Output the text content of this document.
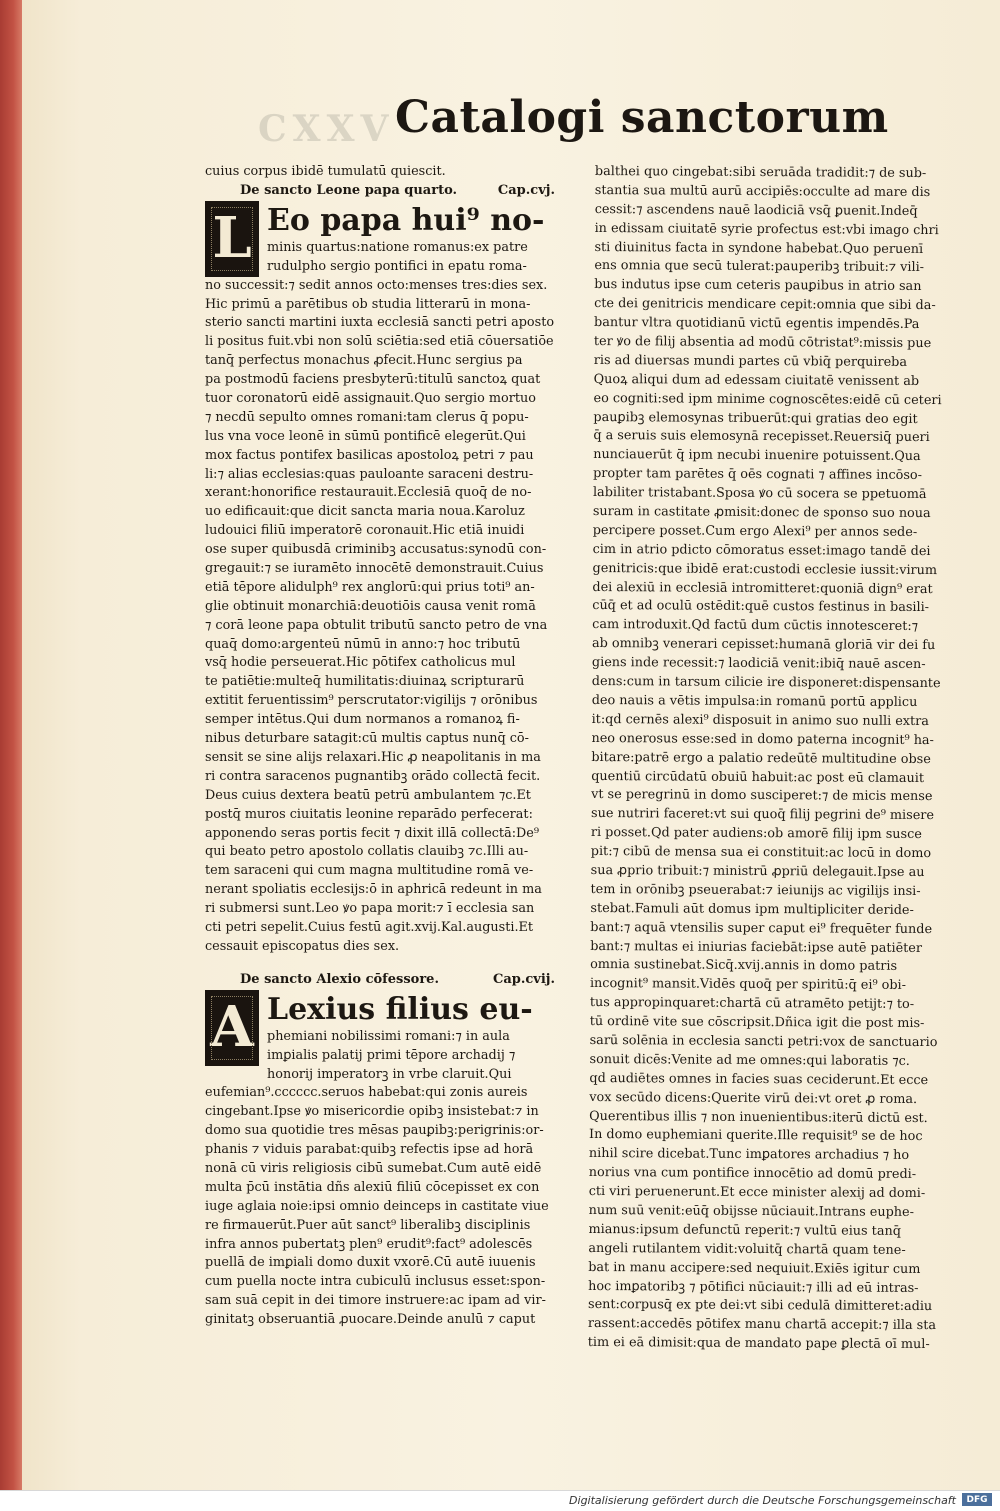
CXXV Catalogi sanctorum
cuius corpus ibidē tumulatū quiescit.
De sancto Leone papa quarto.	Cap.cvj.
L Eo papa hui⁹ no-
minis quartus:natione romanus:ex patre
rudulpho sergio pontifici in epatu roma-
no successit:⁊ sedit annos octo:menses tres:dies sex.
Hic primū a parētibus ob studia litterarū in mona-
sterio sancti martini iuxta ecclesiā sancti petri aposto
li positus fuit.vbi non solū sciētia:sed etiā cōuersatiōe
tanq̄ perfectus monachus ꝓfecit.Hunc sergius pa
pa postmodū faciens presbyterū:titulū sanctoꝝ quat
tuor coronatorū eidē assignauit.Quo sergio mortuo
⁊ necdū sepulto omnes romani:tam clerus q̄ popu-
lus vna voce leonē in sūmū pontificē elegerūt.Qui
mox factus pontifex basilicas apostoloꝝ petri ⁊ pau
li:⁊ alias ecclesias:quas pauloante saraceni destru-
xerant:honorifice restaurauit.Ecclesiā quoq̄ de no-
uo edificauit:que dicit sancta maria noua.Karoluz
ludouici filiū imperatorē coronauit.Hic etiā inuidi
ose super quibusdā criminibꝫ accusatus:synodū con-
gregauit:⁊ se iuramēto innocētē demonstrauit.Cuius
etiā tēpore alidulph⁹ rex anglorū:qui prius toti⁹ an-
glie obtinuit monarchiā:deuotiōis causa venit romā
⁊ corā leone papa obtulit tributū sancto petro de vna
quaq̄ domo:argenteū nūmū in anno:⁊ hoc tributū
vsq̄ hodie perseuerat.Hic pōtifex catholicus mul
te patiētie:multeq̄ humilitatis:diuinaꝝ scripturarū
extitit feruentissim⁹ perscrutator:vigilijs ⁊ orōnibus
semper intētus.Qui dum normanos a romanoꝝ fi-
nibus deturbare satagit:cū multis captus nunq̄ cō-
sensit se sine alijs relaxari.Hic ꝓ neapolitanis in ma
ri contra saracenos pugnantibꝫ orādo collectā fecit.
Deus cuius dextera beatū petrū ambulantem ⁊c.Et
postq̄ muros ciuitatis leonine reparādo perfecerat:
apponendo seras portis fecit ⁊ dixit illā collectā:De⁹
qui beato petro apostolo collatis clauibꝫ ⁊c.Illi au-
tem saraceni qui cum magna multitudine romā ve-
nerant spoliatis ecclesijs:ō in aphricā redeunt in ma
ri submersi sunt.Leo ꝟo papa morit:⁊ ī ecclesia san
cti petri sepelit.Cuius festū agit.xvij.Kal.augusti.Et
cessauit episcopatus dies sex.
De sancto Alexio cōfessore.	Cap.cvij.
A Lexius filius eu-
phemiani nobilissimi romani:⁊ in aula
imꝑialis palatij primi tēpore archadij ⁊
honorij imperatorꝫ in vrbe claruit.Qui
eufemian⁹.cccccc.seruos habebat:qui zonis aureis
cingebant.Ipse ꝟo misericordie opibꝫ insistebat:⁊ in
domo sua quotidie tres mēsas pauꝑibꝫ:perigrinis:or-
phanis ⁊ viduis parabat:quibꝫ refectis ipse ad horā
nonā cū viris religiosis cibū sumebat.Cum autē eidē
multa p̄cū instātia dñs alexiū filiū cōcepisset ex con
iuge aglaia noie:ipsi omnio deinceps in castitate viue
re firmauerūt.Puer aūt sanct⁹ liberalibꝫ disciplinis
infra annos pubertatꝫ plen⁹ erudit⁹:fact⁹ adolescēs
puellā de imꝑiali domo duxit vxorē.Cū autē iuuenis
cum puella nocte intra cubiculū inclusus esset:spon-
sam suā cepit in dei timore instruere:ac ipam ad vir-
ginitatꝫ obseruantiā ꝓuocare.Deinde anulū ⁊ caput
balthei quo cingebat:sibi seruāda tradidit:⁊ de sub-
stantia sua multū aurū accipiēs:occulte ad mare dis
cessit:⁊ ascendens nauē laodiciā vsq̄ ꝑuenit.Indeq̄
in edissam ciuitatē syrie profectus est:vbi imago chri
sti diuinitus facta in syndone habebat.Quo peruenī
ens omnia que secū tulerat:pauperibꝫ tribuit:⁊ vili-
bus indutus ipse cum ceteris pauꝑibus in atrio san
cte dei genitricis mendicare cepit:omnia que sibi da-
bantur vltra quotidianū victū egentis impendēs.Pa
ter ꝟo de filij absentia ad modū cōtristat⁹:missis pue
ris ad diuersas mundi partes cū vbiq̄ perquireba
Quoꝝ aliqui dum ad edessam ciuitatē venissent ab
eo cogniti:sed ipm minime cognoscētes:eidē cū ceteri
pauꝑibꝫ elemosynas tribuerūt:qui gratias deo egit
q̄ a seruis suis elemosynā recepisset.Reuersiq̄ pueri
nunciauerūt q̄ ipm necubi inuenire potuissent.Qua
propter tam parētes q̄ oēs cognati ⁊ affines incōso-
labiliter tristabant.Sposa ꝟo cū socera se ppetuomā
suram in castitate ꝓmisit:donec de sponso suo noua
percipere posset.Cum ergo Alexi⁹ per annos sede-
cim in atrio pdicto cōmoratus esset:imago tandē dei
genitricis:que ibidē erat:custodi ecclesie iussit:virum
dei alexiū in ecclesiā intromitteret:quoniā dign⁹ erat
cūq̄ et ad oculū ostēdit:quē custos festinus in basili-
cam introduxit.Qd factū dum cūctis innotesceret:⁊
ab omnibꝫ venerari cepisset:humanā gloriā vir dei fu
giens inde recessit:⁊ laodiciā venit:ibiq̄ nauē ascen-
dens:cum in tarsum cilicie ire disponeret:dispensante
deo nauis a vētis impulsa:in romanū portū applicu
it:qd cernēs alexi⁹ disposuit in animo suo nulli extra
neo onerosus esse:sed in domo paterna incognit⁹ ha-
bitare:patrē ergo a palatio redeūtē multitudine obse
quentiū circūdatū obuiū habuit:ac post eū clamauit
vt se peregrinū in domo susciperet:⁊ de micis mense
sue nutriri faceret:vt sui quoq̄ filij pegrini de⁹ misere
ri posset.Qd pater audiens:ob amorē filij ipm susce
pit:⁊ cibū de mensa sua ei constituit:ac locū in domo
sua ꝓprio tribuit:⁊ ministrū ꝓpriū delegauit.Ipse au
tem in orōnibꝫ pseuerabat:⁊ ieiunijs ac vigilijs insi-
stebat.Famuli aūt domus ipm multipliciter deride-
bant:⁊ aquā vtensilis super caput ei⁹ frequēter funde
bant:⁊ multas ei iniurias faciebāt:ipse autē patiēter
omnia sustinebat.Sicq̄.xvij.annis in domo patris
incognit⁹ mansit.Vidēs quoq̄ per spiritū:q̄ ei⁹ obi-
tus appropinquaret:chartā cū atramēto petijt:⁊ to-
tū ordinē vite sue cōscripsit.Dñica igit die post mis-
sarū solēnia in ecclesia sancti petri:vox de sanctuario
sonuit dicēs:Venite ad me omnes:qui laboratis ⁊c.
qd audiētes omnes in facies suas ceciderunt.Et ecce
vox secūdo dicens:Querite virū dei:vt oret ꝓ roma.
Querentibus illis ⁊ non inuenientibus:iterū dictū est.
In domo euphemiani querite.Ille requisit⁹ se de hoc
nihil scire dicebat.Tunc imꝑatores archadius ⁊ ho
norius vna cum pontifice innocētio ad domū predi-
cti viri peruenerunt.Et ecce minister alexij ad domi-
num suū venit:eūq̄ obijsse nūciauit.Intrans euphe-
mianus:ipsum defunctū reperit:⁊ vultū eius tanq̄
angeli rutilantem vidit:voluitq̄ chartā quam tene-
bat in manu accipere:sed nequiuit.Exiēs igitur cum
hoc imꝑatoribꝫ ⁊ pōtifici nūciauit:⁊ illi ad eū intras-
sent:corpusq̄ ex pte dei:vt sibi cedulā dimitteret:adiu
rassent:accedēs pōtifex manu chartā accepit:⁊ illa sta
tim ei eā dimisit:qua de mandato pape ꝑlectā oī mul-
Digitalisierung gefördert durch die Deutsche Forschungsgemeinschaft	DFG
